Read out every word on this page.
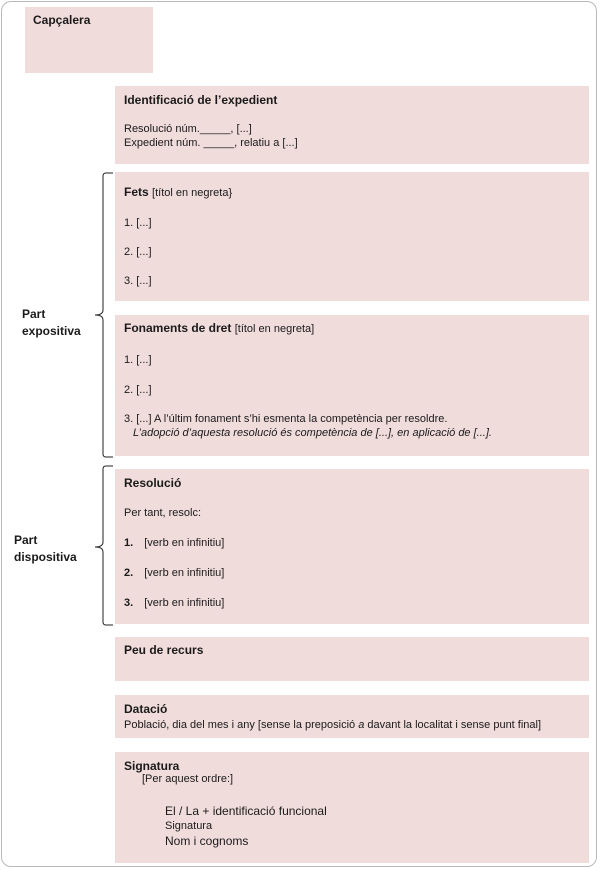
Capçalera
Identificació de l’expedient
Resolució núm._____, [...]
Expedient núm. _____, relatiu a [...]
Fets [títol en negreta}
1. [...]
2. [...]
3. [...]
Fonaments de dret [títol en negreta]
1. [...]
2. [...]
3. [...] A l’últim fonament s’hi esmenta la competència per resoldre.
L’adopció d’aquesta resolució és competència de [...], en aplicació de [...].
Part
expositiva
Resolució
Per tant, resolc:
1. [verb en infinitiu]
2. [verb en infinitiu]
3. [verb en infinitiu]
Part
dispositiva
Peu de recurs
Datació
Població, dia del mes i any [sense la preposició a davant la localitat i sense punt final]
Signatura
[Per aquest ordre:]
El / La + identificació funcional
Signatura
Nom i cognoms
